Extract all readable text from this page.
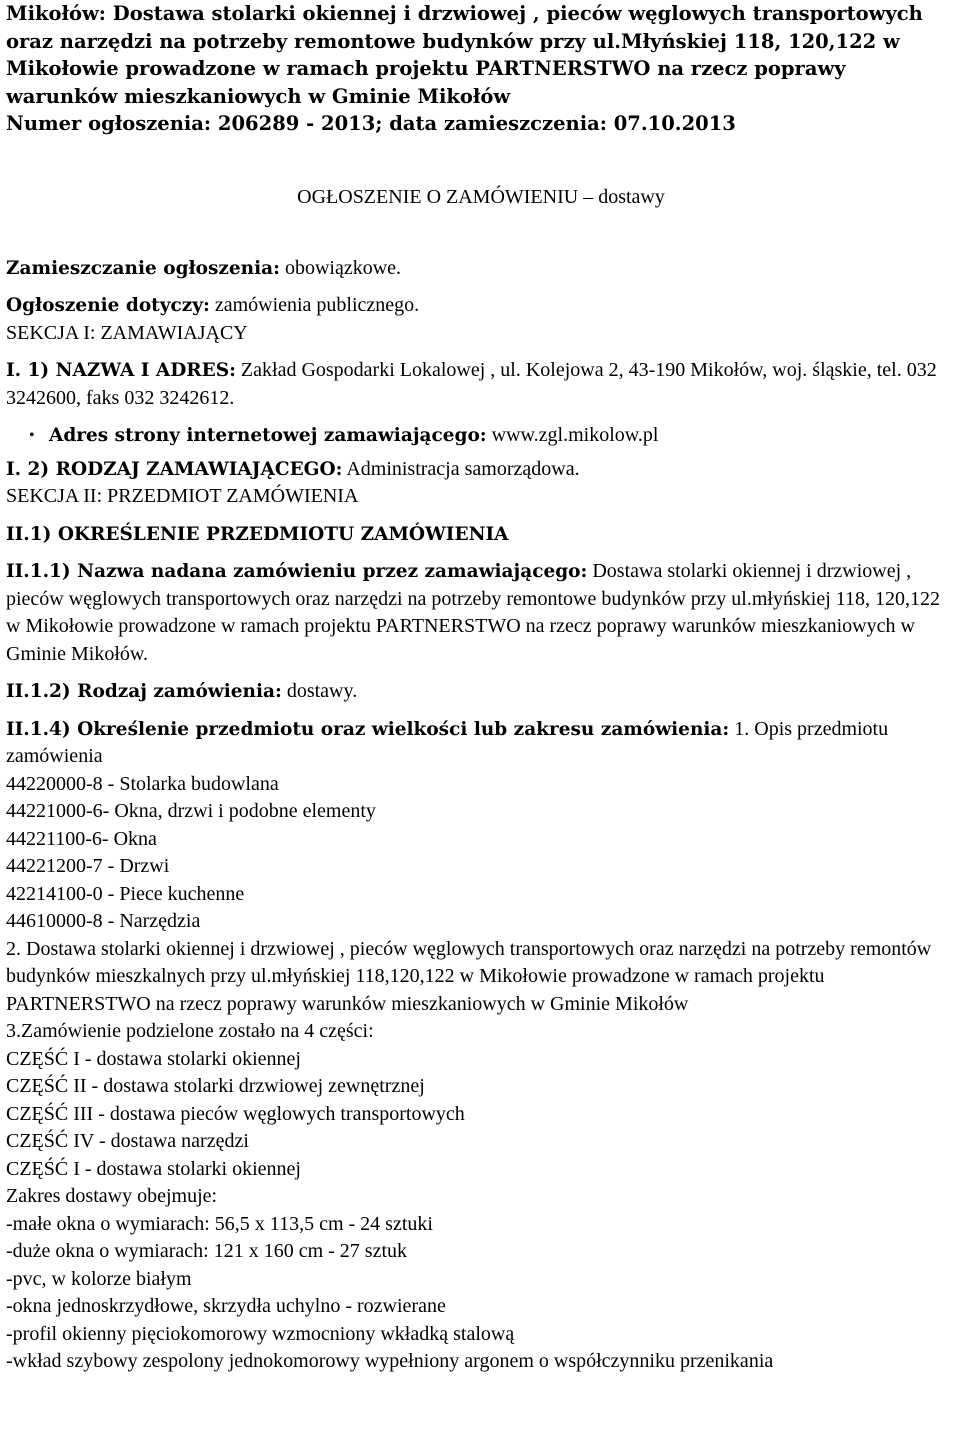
Mikołów: Dostawa stolarki okiennej i drzwiowej , pieców węglowych transportowych oraz narzędzi na potrzeby remontowe budynków przy ul.Młyńskiej 118, 120,122 w Mikołowie prowadzone w ramach projektu PARTNERSTWO na rzecz poprawy warunków mieszkaniowych w Gminie Mikołów
Numer ogłoszenia: 206289 - 2013; data zamieszczenia: 07.10.2013

OGŁOSZENIE O ZAMÓWIENIU – dostawy

Zamieszczanie ogłoszenia: obowiązkowe.

Ogłoszenie dotyczy: zamówienia publicznego.

SEKCJA I: ZAMAWIAJĄCY

I. 1) NAZWA I ADRES: Zakład Gospodarki Lokalowej , ul. Kolejowa 2, 43-190 Mikołów, woj. śląskie, tel. 032 3242600, faks 032 3242612.

• Adres strony internetowej zamawiającego: www.zgl.mikolow.pl

I. 2) RODZAJ ZAMAWIAJĄCEGO: Administracja samorządowa.

SEKCJA II: PRZEDMIOT ZAMÓWIENIA

II.1) OKREŚLENIE PRZEDMIOTU ZAMÓWIENIA

II.1.1) Nazwa nadana zamówieniu przez zamawiającego: Dostawa stolarki okiennej i drzwiowej , pieców węglowych transportowych oraz narzędzi na potrzeby remontowe budynków przy ul.młyńskiej 118, 120,122 w Mikołowie prowadzone w ramach projektu PARTNERSTWO na rzecz poprawy warunków mieszkaniowych w Gminie Mikołów.

II.1.2) Rodzaj zamówienia: dostawy.

II.1.4) Określenie przedmiotu oraz wielkości lub zakresu zamówienia: 1. Opis przedmiotu zamówienia
44220000-8 - Stolarka budowlana
44221000-6- Okna, drzwi i podobne elementy
44221100-6- Okna
44221200-7 - Drzwi
42214100-0 - Piece kuchenne
44610000-8 - Narzędzia
2. Dostawa stolarki okiennej i drzwiowej , pieców węglowych transportowych oraz narzędzi na potrzeby remontów budynków mieszkalnych przy ul.młyńskiej 118,120,122 w Mikołowie prowadzone w ramach projektu PARTNERSTWO na rzecz poprawy warunków mieszkaniowych w Gminie Mikołów
3.Zamówienie podzielone zostało na 4 części:
CZĘŚĆ I - dostawa stolarki okiennej
CZĘŚĆ II - dostawa stolarki drzwiowej zewnętrznej
CZĘŚĆ III - dostawa pieców węglowych transportowych
CZĘŚĆ IV - dostawa narzędzi
CZĘŚĆ I - dostawa stolarki okiennej
Zakres dostawy obejmuje:
-małe okna o wymiarach: 56,5 x 113,5 cm - 24 sztuki
-duże okna o wymiarach: 121 x 160 cm - 27 sztuk
-pvc, w kolorze białym
-okna jednoskrzydłowe, skrzydła uchylno - rozwierane
-profil okienny pięciokomorowy wzmocniony wkładką stalową
-wkład szybowy zespolony jednokomorowy wypełniony argonem o współczynniku przenikania
